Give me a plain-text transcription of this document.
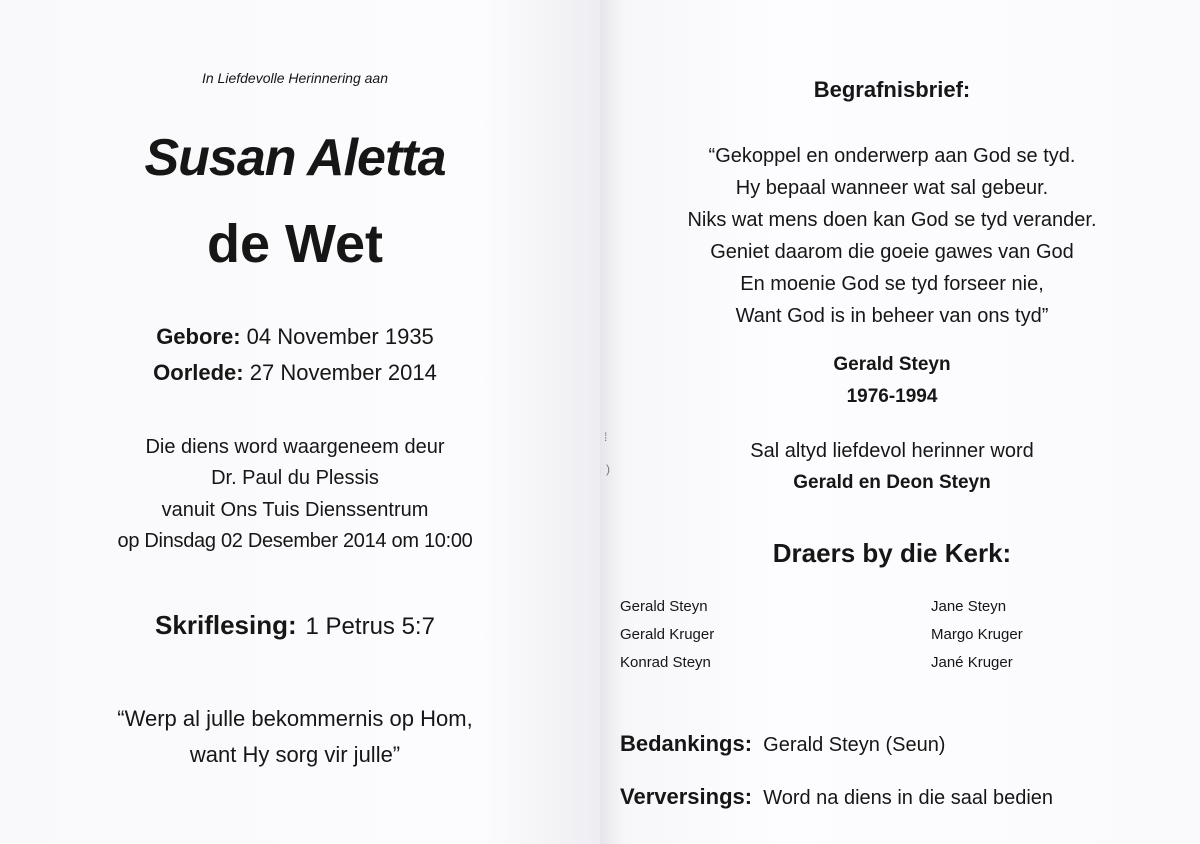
In Liefdevolle Herinnering aan
Susan Aletta
de Wet
Gebore: 04 November 1935
Oorlede: 27 November 2014
Die diens word waargeneem deur
Dr. Paul du Plessis
vanuit Ons Tuis Dienssentrum
op Dinsdag 02 Desember 2014 om 10:00
Skriflesing: 1 Petrus 5:7
“Werp al julle bekommernis op Hom,
want Hy sorg vir julle”
⁞
)
Begrafnisbrief:
“Gekoppel en onderwerp aan God se tyd.
Hy bepaal wanneer wat sal gebeur.
Niks wat mens doen kan God se tyd verander.
Geniet daarom die goeie gawes van God
En moenie God se tyd forseer nie,
Want God is in beheer van ons tyd”
Gerald Steyn
1976-1994
Sal altyd liefdevol herinner word
Gerald en Deon Steyn
Draers by die Kerk:
Gerald Steyn
Gerald Kruger
Konrad Steyn
Jane Steyn
Margo Kruger
Jané Kruger
Bedankings: Gerald Steyn (Seun)
Verversings: Word na diens in die saal bedien
